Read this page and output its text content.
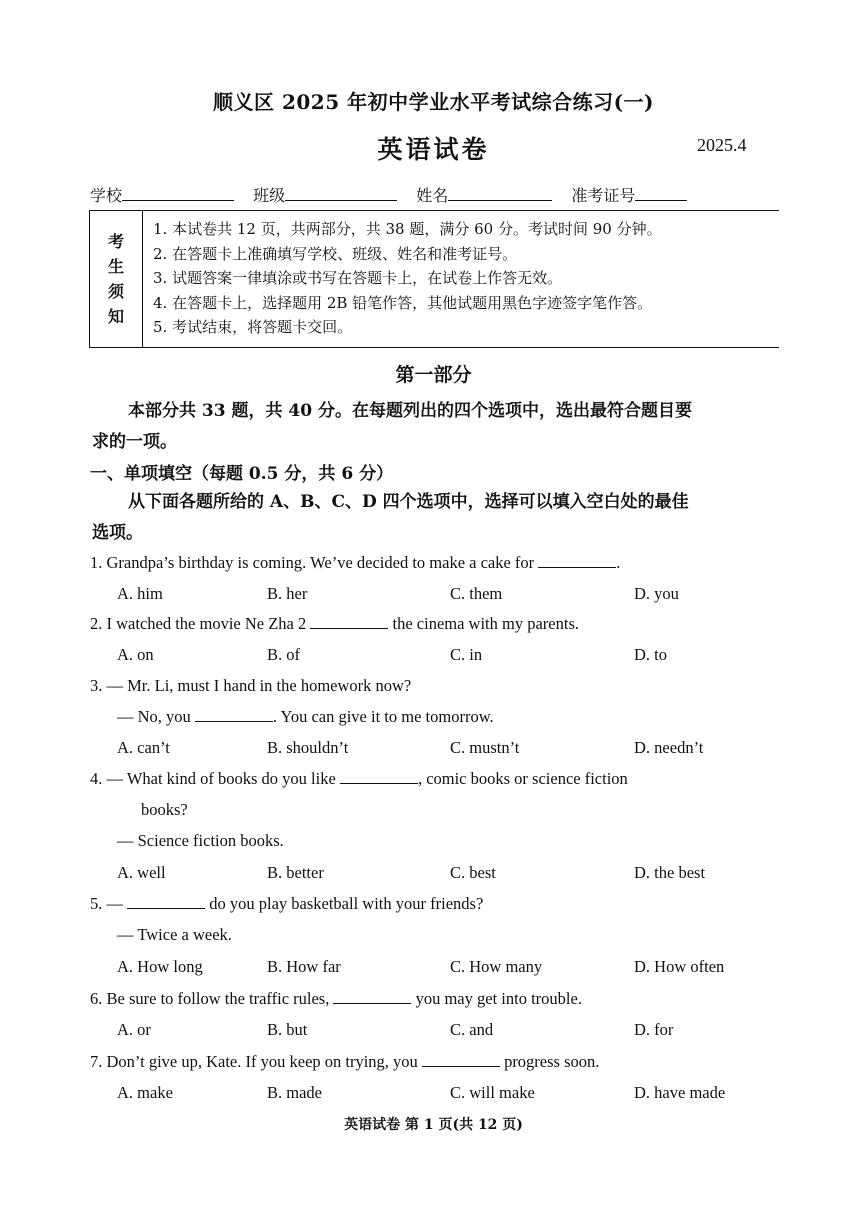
顺义区 2025 年初中学业水平考试综合练习(一)
英语试卷	2025.4
学校	班级	姓名	准考证号
考
生
须
知
1. 本试卷共 12 页，共两部分，共 38 题，满分 60 分。考试时间 90 分钟。
2. 在答题卡上准确填写学校、班级、姓名和准考证号。
3. 试题答案一律填涂或书写在答题卡上，在试卷上作答无效。
4. 在答题卡上，选择题用 2B 铅笔作答，其他试题用黑色字迹签字笔作答。
5. 考试结束，将答题卡交回。
第一部分
本部分共 33 题，共 40 分。在每题列出的四个选项中，选出最符合题目要
求的一项。
一、单项填空（每题 0.5 分，共 6 分）
从下面各题所给的 A、B、C、D 四个选项中，选择可以填入空白处的最佳
选项。
1. Grandpa’s birthday is coming. We’ve decided to make a cake for	.
A. him	B. her	C. them	D. you
2. I watched the movie Ne Zha 2	the cinema with my parents.
A. on	B. of	C. in	D. to
3. — Mr. Li, must I hand in the homework now?
— No, you	. You can give it to me tomorrow.
A. can’t	B. shouldn’t	C. mustn’t	D. needn’t
4. — What kind of books do you like	, comic books or science fiction
books?
— Science fiction books.
A. well	B. better	C. best	D. the best
5. —	do you play basketball with your friends?
— Twice a week.
A. How long	B. How far	C. How many	D. How often
6. Be sure to follow the traffic rules,	you may get into trouble.
A. or	B. but	C. and	D. for
7. Don’t give up, Kate. If you keep on trying, you	progress soon.
A. make	B. made	C. will make	D. have made
英语试卷 第 1 页(共 12 页)
